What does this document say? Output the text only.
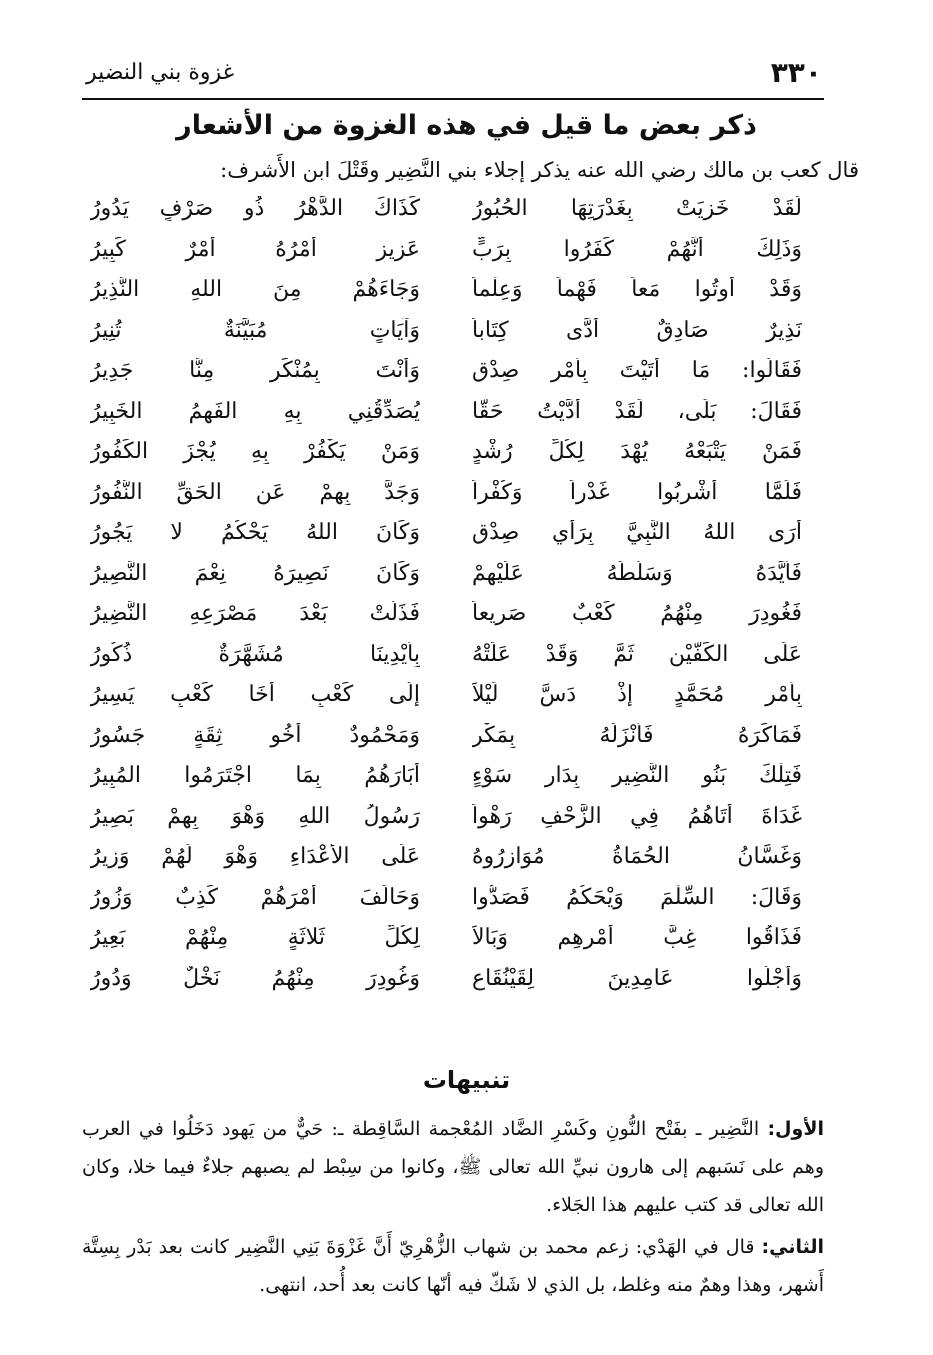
٣٣٠
غزوة بني النضير
ذكر بعض ما قيل في هذه الغزوة من الأشعار
قال كعب بن مالك رضي الله عنه يذكر إجلاء بني النَّضِير وقَتْلَ ابن الأَشرف:
لَقَدْ خَزِيَتْ بِغَدْرَتِهَا الحُبُورُ
كَذَاكَ الدَّهْرُ ذُو صَرْفٍ يَدُورُ
وَذَلِكَ أَنَّهُمْ كَفَرُوا بِرَبٍّ
عَزِيزٍ أَمْرُهُ أَمْرٌ كَبِيرُ
وَقَدْ أُوتُوا مَعاً فَهْماً وَعِلْماً
وَجَاءَهُمْ مِنَ اللهِ النَّذِيرُ
نَذِيرٌ صَادِقٌ أَدَّى كِتَاباً
وَآيَاتٍ مُبَيَّنَةٌ تُنِيرُ
فَقَالُوا: مَا أَتَيْتَ بِأَمْرِ صِدْقٍ
وَأَنْتَ بِمُنْكَرٍ مِنَّا جَدِيرُ
فَقَالَ: بَلَى، لَقَدْ أَدَّيْتُ حَقًّا
يُصَدِّقُنِي بِهِ الفَهِمُ الخَبِيرُ
فَمَنْ يَتْبَعْهُ يُهْدَ لِكُلِّ رُشْدٍ
وَمَنْ يَكْفُرْ بِهِ يُجْزَ الكَفُورُ
فَلَمَّا أُشْرِبُوا غَدْراً وَكُفْراً
وَجَدَّ بِهِمْ عَنِ الحَقِّ النُّفُورُ
أَرَى اللهُ النَّبِيَّ بِرَأْيِ صِدْقٍ
وَكَانَ اللهُ يَحْكُمُ لا يَجُورُ
فَأَيَّدَهُ وَسَلَّطَهُ عَلَيْهِمْ
وَكَانَ نَصِيرَهُ نِعْمَ النَّصِيرُ
فَغُودِرَ مِنْهُمُ كَعْبٌ صَرِيعاً
فَذَلَّتْ بَعْدَ مَصْرَعِهِ النَّضِيرُ
عَلَى الكَفَّيْنِ ثَمَّ وَقَدْ عَلَتْهُ
بِأَيْدِينَا مُشَهَّرَةٌ ذُكُورُ
بِأَمْرِ مُحَمَّدٍ إِذْ دَسَّ لَيْلاً
إِلَى كَعْبٍ أَخَا كَعْبٍ يَسِيرُ
فَمَاكَرَهُ فَأَنْزَلَهُ بِمَكْرٍ
وَمَحْمُودٌ أَخُو ثِقَةٍ جَسُورُ
فَتِلْكَ بَنُو النَّضِيرِ بِدَارِ سَوْءٍ
أَبَارَهُمُ بِمَا اجْتَرَمُوا المُبِيرُ
غَدَاةَ أَتَاهُمُ فِي الزَّحْفِ رَهْواً
رَسُولُ اللهِ وَهْوَ بِهِمْ بَصِيرُ
وَغَسَّانُ الحُمَاةُ مُوَازِرُوهُ
عَلَى الأَعْدَاءِ وَهْوَ لَهُمْ وَزِيرُ
وَقَالَ: السِّلْمَ وَيْحَكُمُ فَصَدُّوا
وَحَالَفَ أَمْرَهُمْ كَذِبٌ وَزُورُ
فَذَاقُوا غِبَّ أَمْرِهِمِ وَبَالاً
لِكُلِّ ثَلاثَةٍ مِنْهُمْ بَعِيرُ
وَأُجْلُوا عَامِدِينَ لِقَيْنُقَاعٍ
وَغُودِرَ مِنْهُمُ نَخْلٌ وَدُورُ
تنبيهات

الأول: النَّضِير ـ بفَتْح النُّونِ وكَسْرِ الضَّاد المُعْجمة السَّاقِطة ـ: حَيٌّ من يَهود دَخَلُوا في العرب وهم على نَسَبهم إلى هارون نبيِّ الله تعالى ﷺ، وكانوا من سِبْط لم يصبهم جلاءٌ فيما خلا، وكان الله تعالى قد كتب عليهم هذا الجَلاء.

الثاني: قال في الهَدْي: زعم محمد بن شهاب الزُّهْرِيّ أَنَّ غَزْوَةَ بَنِي النَّضِير كانت بعد بَدْر بِسِتَّة أَشهر، وهذا وهمٌ منه وغلط، بل الذي لا شَكّ فيه أنّها كانت بعد أُحد، انتهى.
